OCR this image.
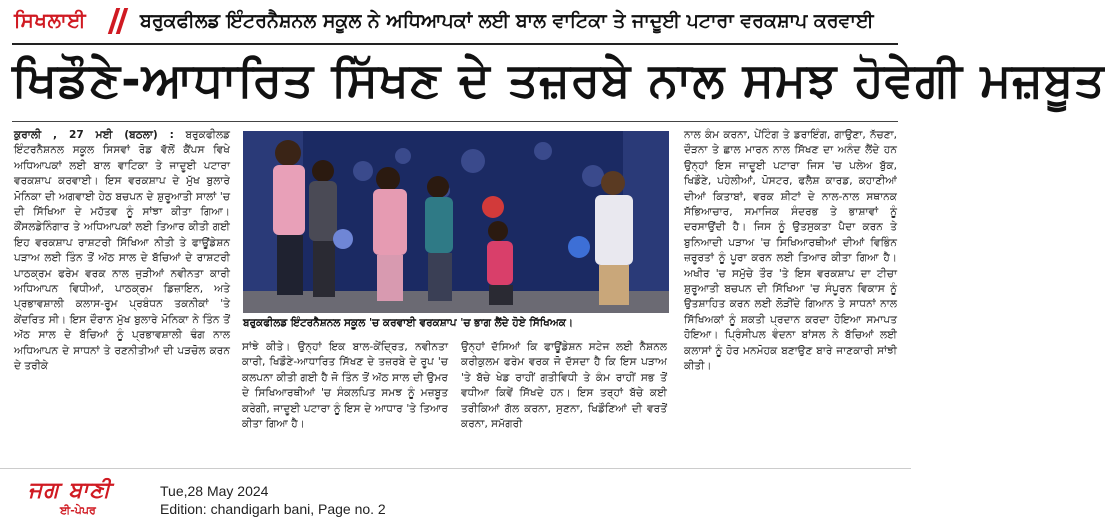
ਸਿਖਲਾਈ	ਬਰੁਕਫੀਲਡ ਇੰਟਰਨੈਸ਼ਨਲ ਸਕੂਲ ਨੇ ਅਧਿਆਪਕਾਂ ਲਈ ਬਾਲ ਵਾਟਿਕਾ ਤੇ ਜਾਦੂਈ ਪਟਾਰਾ ਵਰਕਸ਼ਾਪ ਕਰਵਾਈ
ਖਿਡੌਣੇ-ਆਧਾਰਿਤ ਸਿੱਖਣ ਦੇ ਤਜ਼ਰਬੇ ਨਾਲ ਸਮਝ ਹੋਵੇਗੀ ਮਜ਼ਬੂਤ
ਕੁਰਾਲੀ , 27 ਮਈ (ਬਠਲਾ) : ਬਰੁਕਫੀਲਡ ਇੰਟਰਨੈਸ਼ਨਲ ਸਕੂਲ ਸਿਸਵਾਂ ਰੋਡ ਵੱਲੋਂ ਕੈਂਪਸ ਵਿਖੇ ਅਧਿਆਪਕਾਂ ਲਈ ਬਾਲ ਵਾਟਿਕਾ ਤੇ ਜਾਦੂਈ ਪਟਾਰਾ ਵਰਕਸ਼ਾਪ ਕਰਵਾਈ। ਇਸ ਵਰਕਸ਼ਾਪ ਦੇ ਮੁੱਖ ਬੁਲਾਰੇ ਮੋਨਿਕਾ ਦੀ ਅਗਵਾਈ ਹੇਠ ਬਚਪਨ ਦੇ ਸ਼ੁਰੂਆਤੀ ਸਾਲਾਂ 'ਚ ਦੀ ਸਿੱਖਿਆ ਦੇ ਮਹੱਤਵ ਨੂੰ ਸਾਂਝਾ ਕੀਤਾ ਗਿਆ। ਕੌਂਸਲਡੇਨਿੰਗਾਰ ਤੇ ਅਧਿਆਪਕਾਂ ਲਈ ਤਿਆਰ ਕੀਤੀ ਗਈ ਇਹ ਵਰਕਸ਼ਾਪ ਰਾਸ਼ਟਰੀ ਸਿੱਖਿਆ ਨੀਤੀ ਤੇ ਫਾਊਂਡੇਸ਼ਨ ਪੜਾਅ ਲਈ ਤਿੰਨ ਤੋਂ ਅੱਠ ਸਾਲ ਦੇ ਬੱਚਿਆਂ ਦੇ ਰਾਸ਼ਟਰੀ ਪਾਠਕ੍ਰਮ ਫਰੇਮ ਵਰਕ ਨਾਲ ਜੁੜੀਆਂ ਨਵੀਨਤਾ ਕਾਰੀ ਅਧਿਆਪਨ ਵਿਧੀਆਂ, ਪਾਠਕ੍ਰਮ ਡਿਜ਼ਾਇਨ, ਅਤੇ ਪ੍ਰਭਾਵਸ਼ਾਲੀ ਕਲਾਸ-ਰੂਮ ਪ੍ਰਬੰਧਨ ਤਕਨੀਕਾਂ 'ਤੇ ਕੇਂਦਰਿਤ ਸੀ। ਇਸ ਦੌਰਾਨ ਮੁੱਖ ਬੁਲਾਰੇ ਮੋਨਿਕਾ ਨੇ ਤਿੰਨ ਤੋਂ ਅੱਠ ਸਾਲ ਦੇ ਬੱਚਿਆਂ ਨੂੰ ਪ੍ਰਭਾਵਸ਼ਾਲੀ ਢੰਗ ਨਾਲ ਅਧਿਆਪਨ ਦੇ ਸਾਧਨਾਂ ਤੇ ਰਣਨੀਤੀਆਂ ਦੀ ਪੜਚੋਲ ਕਰਨ ਦੇ ਤਰੀਕੇ
ਬਰੁਕਫੀਲਡ ਇੰਟਰਨੈਸ਼ਨਲ ਸਕੂਲ 'ਚ ਕਰਵਾਈ ਵਰਕਸ਼ਾਪ 'ਚ ਭਾਗ ਲੈਂਦੇ ਹੋਏ ਸਿੱਖਿਅਕ।
ਸਾਂਝੇ ਕੀਤੇ। ਉਨ੍ਹਾਂ ਇਕ ਬਾਲ-ਕੇਂਦ੍ਰਿਤ, ਨਵੀਨਤਾ ਕਾਰੀ, ਖਿਡੌਣੇ-ਆਧਾਰਿਤ ਸਿੱਖਣ ਦੇ ਤਜ਼ਰਬੇ ਦੇ ਰੂਪ 'ਚ ਕਲਪਨਾ ਕੀਤੀ ਗਈ ਹੈ ਜੋ ਤਿੰਨ ਤੋਂ ਅੱਠ ਸਾਲ ਦੀ ਉਮਰ ਦੇ ਸਿਖਿਆਰਥੀਆਂ 'ਚ ਸੰਕਲਪਿਤ ਸਮਝ ਨੂੰ ਮਜ਼ਬੂਤ ਕਰੇਗੀ, ਜਾਦੂਈ ਪਟਾਰਾ ਨੂੰ ਇਸ ਦੇ ਆਧਾਰ 'ਤੇ ਤਿਆਰ ਕੀਤਾ ਗਿਆ ਹੈ।
ਉਨ੍ਹਾਂ ਦੱਸਿਆਂ ਕਿ ਫਾਊਂਡੇਸ਼ਨ ਸਟੇਜ ਲਈ ਨੈਸ਼ਨਲ ਕਰੀਕੁਲਮ ਫਰੇਮ ਵਰਕ ਜੋ ਦੱਸਦਾ ਹੈ ਕਿ ਇਸ ਪੜਾਅ 'ਤੇ ਬੱਚੇ ਖੇਡ ਰਾਹੀਂ ਗਤੀਵਿਧੀ ਤੇ ਕੰਮ ਰਾਹੀਂ ਸਭ ਤੋਂ ਵਧੀਆ ਕਿਵੇਂ ਸਿੱਖਦੇ ਹਨ। ਇਸ ਤਰ੍ਹਾਂ ਬੱਚੇ ਕਈ ਤਰੀਕਿਆਂ ਗੱਲ ਕਰਨਾ, ਸੁਣਨਾ, ਖਿਡੌਣਿਆਂ ਦੀ ਵਰਤੋਂ ਕਰਨਾ, ਸਮੱਗਰੀ
ਨਾਲ ਕੰਮ ਕਰਨਾ, ਪੇਂਟਿੰਗ ਤੇ ਡਰਾਇੰਗ, ਗਾਉਣਾ, ਨੱਚਣਾ, ਦੌੜਨਾ ਤੇ ਛਾਲ ਮਾਰਨ ਨਾਲ ਸਿੱਖਣ ਦਾ ਅਨੰਦ ਲੈਂਦੇ ਹਨ ਉਨ੍ਹਾਂ ਇਸ ਜਾਦੂਈ ਪਟਾਰਾ ਜਿਸ 'ਚ ਪਲੇਅ ਬੁੱਕ, ਖਿਡੌਣੇ, ਪਹੇਲੀਆਂ, ਪੋਸਟਰ, ਫਲੈਸ਼ ਕਾਰਡ, ਕਹਾਣੀਆਂ ਦੀਆਂ ਕਿਤਾਬਾਂ, ਵਰਕ ਸ਼ੀਟਾਂ ਦੇ ਨਾਲ-ਨਾਲ ਸਥਾਨਕ ਸੱਭਿਆਚਾਰ, ਸਮਾਜਿਕ ਸੰਦਰਭ ਤੇ ਭਾਸ਼ਾਵਾਂ ਨੂੰ ਦਰਸਾਉਂਦੀ ਹੈ। ਜਿਸ ਨੂੰ ਉਤਸੁਕਤਾ ਪੈਦਾ ਕਰਨ ਤੇ ਬੁਨਿਆਦੀ ਪੜਾਅ 'ਚ ਸਿਖਿਆਰਥੀਆਂ ਦੀਆਂ ਵਿਭਿੰਨ ਜ਼ਰੂਰਤਾਂ ਨੂੰ ਪੂਰਾ ਕਰਨ ਲਈ ਤਿਆਰ ਕੀਤਾ ਗਿਆ ਹੈ। ਅਖੀਰ 'ਚ ਸਮੁੱਚੇ ਤੌਰ 'ਤੇ ਇਸ ਵਰਕਸ਼ਾਪ ਦਾ ਟੀਚਾ ਸ਼ੁਰੂਆਤੀ ਬਚਪਨ ਦੀ ਸਿੱਖਿਆ 'ਚ ਸੰਪੂਰਨ ਵਿਕਾਸ ਨੂੰ ਉਤਸ਼ਾਹਿਤ ਕਰਨ ਲਈ ਲੋੜੀਂਦੇ ਗਿਆਨ ਤੇ ਸਾਧਨਾਂ ਨਾਲ ਸਿੱਖਿਅਕਾਂ ਨੂੰ ਸ਼ਕਤੀ ਪ੍ਰਦਾਨ ਕਰਦਾ ਹੋਇਆ ਸਮਾਪਤ ਹੋਇਆ। ਪ੍ਰਿੰਸੀਪਲ ਵੰਦਨਾ ਬਾਂਸਲ ਨੇ ਬੱਚਿਆਂ ਲਈ ਕਲਾਸਾਂ ਨੂੰ ਹੋਰ ਮਨਮੋਹਕ ਬਣਾਉਣ ਬਾਰੇ ਜਾਣਕਾਰੀ ਸਾਂਝੀ ਕੀਤੀ।
ਜਗ ਬਾਣੀ
ਈ-ਪੇਪਰ
Tue,28 May 2024
Edition: chandigarh bani, Page no. 2
